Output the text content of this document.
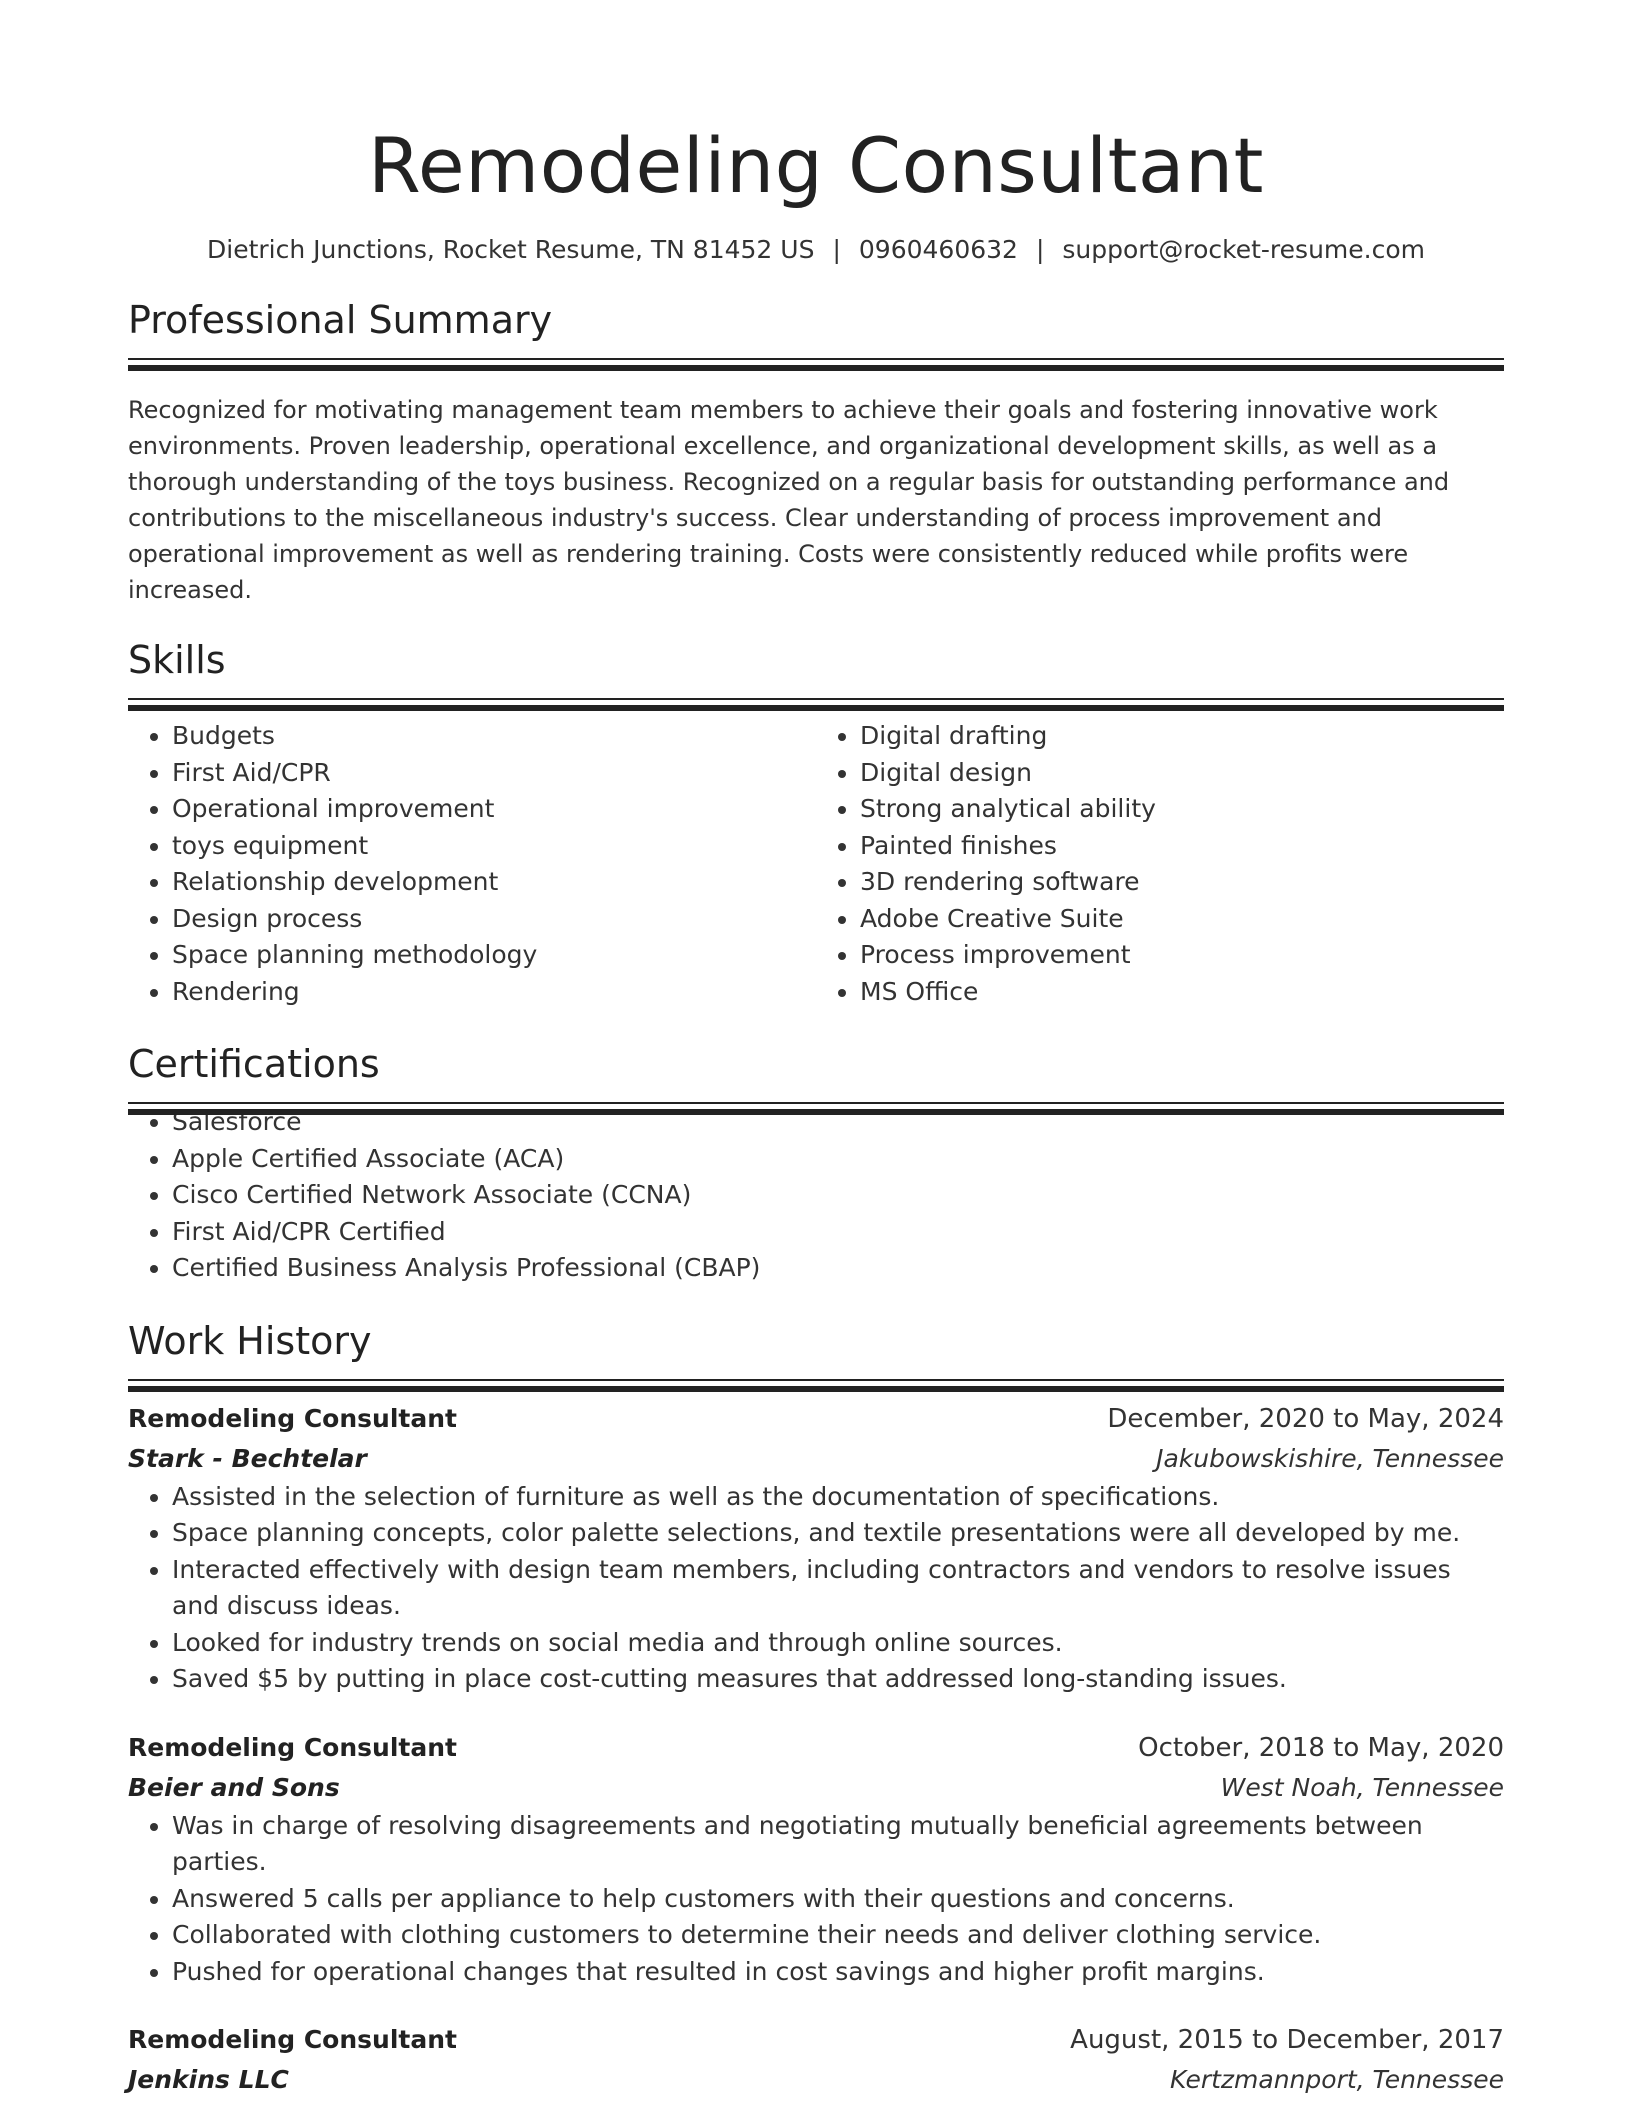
Remodeling Consultant
Dietrich Junctions, Rocket Resume, TN 81452 US | 0960460632 | support@rocket-resume.com
Professional Summary

Recognized for motivating management team members to achieve their goals and fostering innovative work environments. Proven leadership, operational excellence, and organizational development skills, as well as a thorough understanding of the toys business. Recognized on a regular basis for outstanding performance and contributions to the miscellaneous industry's success. Clear understanding of process improvement and operational improvement as well as rendering training. Costs were consistently reduced while profits were increased.

Skills
• Budgets
• First Aid/CPR
• Operational improvement
• toys equipment
• Relationship development
• Design process
• Space planning methodology
• Rendering
• Digital drafting
• Digital design
• Strong analytical ability
• Painted finishes
• 3D rendering software
• Adobe Creative Suite
• Process improvement
• MS Office
Certifications
• Salesforce
• Apple Certified Associate (ACA)
• Cisco Certified Network Associate (CCNA)
• First Aid/CPR Certified
• Certified Business Analysis Professional (CBAP)
Work History
Remodeling Consultant	December, 2020 to May, 2024
Stark - Bechtelar	Jakubowskishire, Tennessee
• Assisted in the selection of furniture as well as the documentation of specifications.
• Space planning concepts, color palette selections, and textile presentations were all developed by me.
• Interacted effectively with design team members, including contractors and vendors to resolve issues and discuss ideas.
• Looked for industry trends on social media and through online sources.
• Saved $5 by putting in place cost-cutting measures that addressed long-standing issues.
Remodeling Consultant	October, 2018 to May, 2020
Beier and Sons	West Noah, Tennessee
• Was in charge of resolving disagreements and negotiating mutually beneficial agreements between parties.
• Answered 5 calls per appliance to help customers with their questions and concerns.
• Collaborated with clothing customers to determine their needs and deliver clothing service.
• Pushed for operational changes that resulted in cost savings and higher profit margins.
Remodeling Consultant	August, 2015 to December, 2017
Jenkins LLC	Kertzmannport, Tennessee
